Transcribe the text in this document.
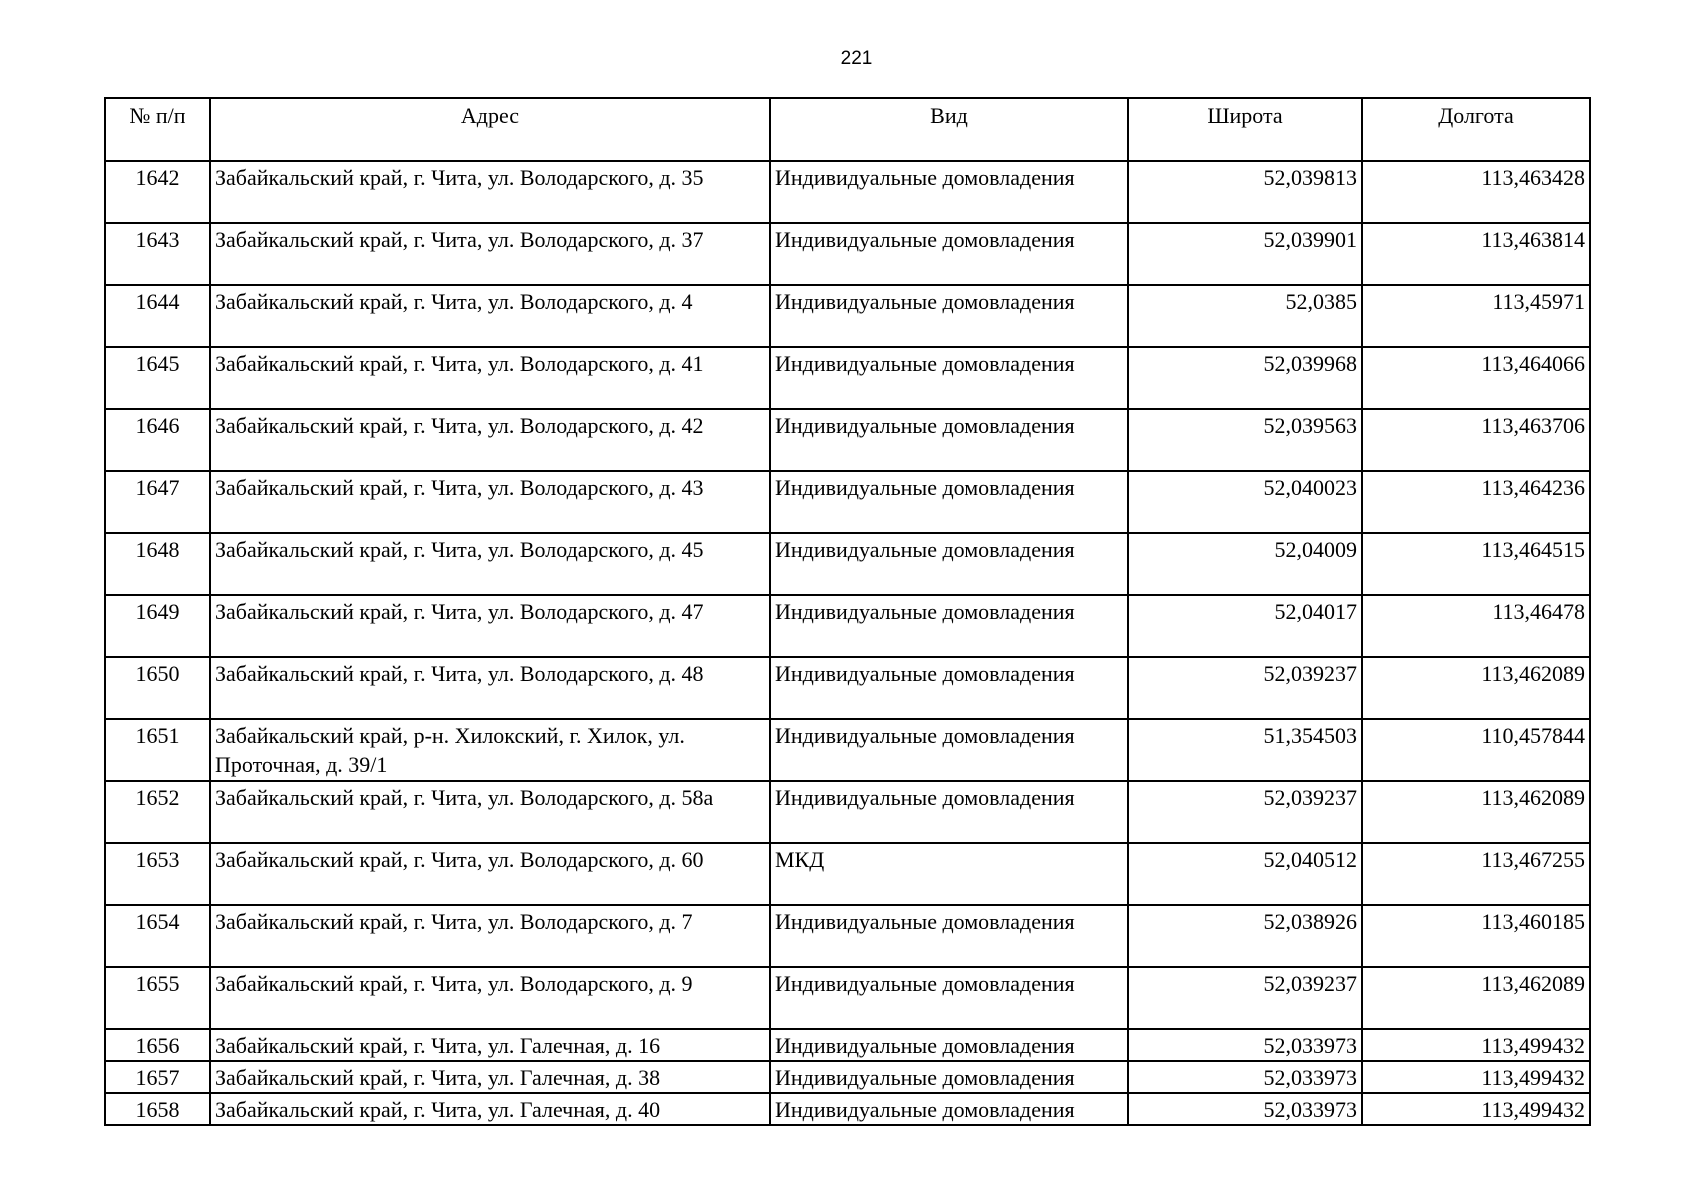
221
№ п/п	Адрес	Вид	Широта	Долгота
1642	Забайкальский край, г. Чита, ул. Володарского, д. 35	Индивидуальные домовладения	52,039813	113,463428
1643	Забайкальский край, г. Чита, ул. Володарского, д. 37	Индивидуальные домовладения	52,039901	113,463814
1644	Забайкальский край, г. Чита, ул. Володарского, д. 4	Индивидуальные домовладения	52,0385	113,45971
1645	Забайкальский край, г. Чита, ул. Володарского, д. 41	Индивидуальные домовладения	52,039968	113,464066
1646	Забайкальский край, г. Чита, ул. Володарского, д. 42	Индивидуальные домовладения	52,039563	113,463706
1647	Забайкальский край, г. Чита, ул. Володарского, д. 43	Индивидуальные домовладения	52,040023	113,464236
1648	Забайкальский край, г. Чита, ул. Володарского, д. 45	Индивидуальные домовладения	52,04009	113,464515
1649	Забайкальский край, г. Чита, ул. Володарского, д. 47	Индивидуальные домовладения	52,04017	113,46478
1650	Забайкальский край, г. Чита, ул. Володарского, д. 48	Индивидуальные домовладения	52,039237	113,462089
1651	Забайкальский край, р-н. Хилокский, г. Хилок, ул. Проточная, д. 39/1	Индивидуальные домовладения	51,354503	110,457844
1652	Забайкальский край, г. Чита, ул. Володарского, д. 58а	Индивидуальные домовладения	52,039237	113,462089
1653	Забайкальский край, г. Чита, ул. Володарского, д. 60	МКД	52,040512	113,467255
1654	Забайкальский край, г. Чита, ул. Володарского, д. 7	Индивидуальные домовладения	52,038926	113,460185
1655	Забайкальский край, г. Чита, ул. Володарского, д. 9	Индивидуальные домовладения	52,039237	113,462089
1656	Забайкальский край, г. Чита, ул. Галечная, д. 16	Индивидуальные домовладения	52,033973	113,499432
1657	Забайкальский край, г. Чита, ул. Галечная, д. 38	Индивидуальные домовладения	52,033973	113,499432
1658	Забайкальский край, г. Чита, ул. Галечная, д. 40	Индивидуальные домовладения	52,033973	113,499432
